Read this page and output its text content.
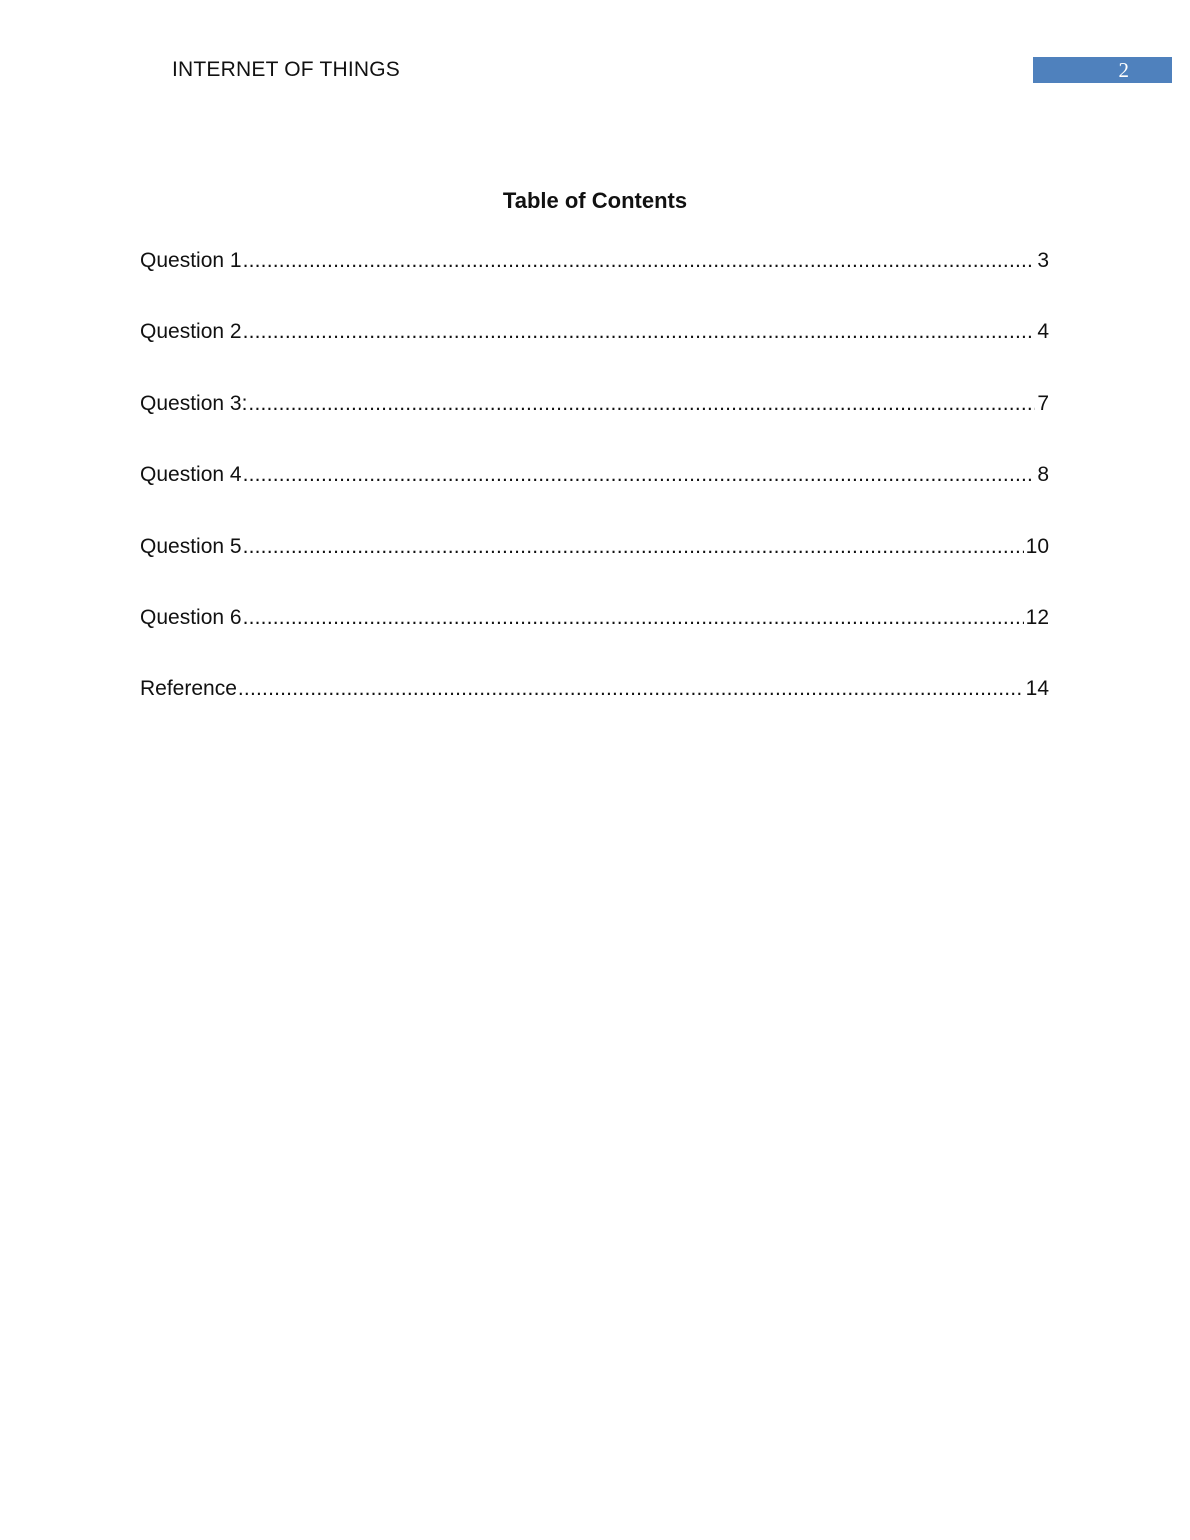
INTERNET OF THINGS	2
Table of Contents
Question 1 .....	3
Question 2 .....	4
Question 3: .....	7
Question 4 .....	8
Question 5 .....	10
Question 6 .....	12
Reference .....	14
